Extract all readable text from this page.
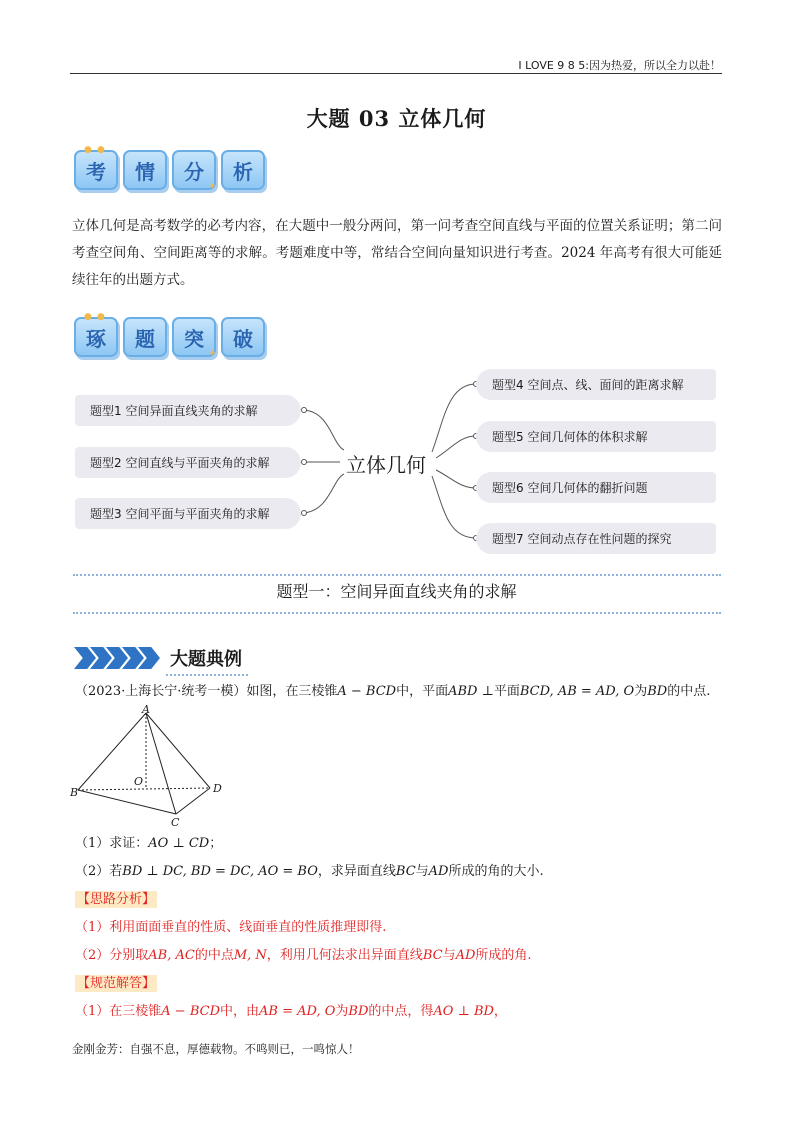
I LOVE 9 8 5:因为热爱，所以全力以赴！
大题 03 立体几何
● ●
考 情 分
✦
析
立体几何是高考数学的必考内容，在大题中一般分两问，第一问考查空间直线与平面的位置关系证明；第二问考查空间角、空间距离等的求解。考题难度中等，常结合空间向量知识进行考查。2024 年高考有很大可能延续往年的出题方式。
● ●
琢 题 突
✦
破
题型1 空间异面直线夹角的求解
题型2 空间直线与平面夹角的求解
题型3 空间平面与平面夹角的求解
立体几何
题型4 空间点、线、面间的距离求解
题型5 空间几何体的体积求解
题型6 空间几何体的翻折问题
题型7 空间动点存在性问题的探究
题型一：空间异面直线夹角的求解
大题典例
（2023·上海长宁·统考一模）如图，在三棱锥A − BCD中，平面ABD ⊥平面BCD, AB = AD, O为BD的中点.
A
B
C
D
O
（1）求证：AO ⊥ CD；
（2）若BD ⊥ DC, BD = DC, AO = BO，求异面直线BC与AD所成的角的大小.
【思路分析】
（1）利用面面垂直的性质、线面垂直的性质推理即得.
（2）分别取AB, AC的中点M, N，利用几何法求出异面直线BC与AD所成的角.
【规范解答】
（1）在三棱锥A − BCD中，由AB = AD, O为BD的中点，得AO ⊥ BD，
金刚金芳：自强不息，厚德载物。不鸣则已，一鸣惊人！
